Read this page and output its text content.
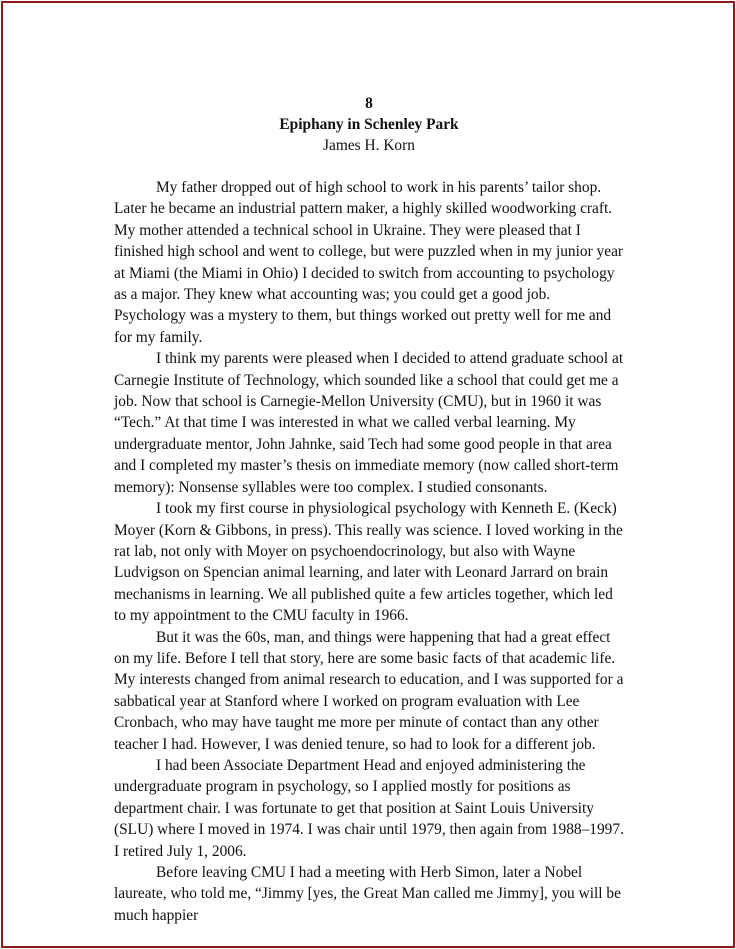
8

Epiphany in Schenley Park

James H. Korn

My father dropped out of high school to work in his parents’ tailor shop. Later he became an industrial pattern maker, a highly skilled woodworking craft. My mother attended a technical school in Ukraine. They were pleased that I finished high school and went to college, but were puzzled when in my junior year at Miami (the Miami in Ohio) I decided to switch from accounting to psychology as a major. They knew what accounting was; you could get a good job. Psychology was a mystery to them, but things worked out pretty well for me and for my family.

I think my parents were pleased when I decided to attend graduate school at Carnegie Institute of Technology, which sounded like a school that could get me a job. Now that school is Carnegie-Mellon University (CMU), but in 1960 it was “Tech.” At that time I was interested in what we called verbal learning. My undergraduate mentor, John Jahnke, said Tech had some good people in that area and I completed my master’s thesis on immediate memory (now called short-term memory): Nonsense syllables were too complex. I studied consonants.

I took my first course in physiological psychology with Kenneth E. (Keck) Moyer (Korn & Gibbons, in press). This really was science. I loved working in the rat lab, not only with Moyer on psychoendocrinology, but also with Wayne Ludvigson on Spencian animal learning, and later with Leonard Jarrard on brain mechanisms in learning. We all published quite a few articles together, which led to my appointment to the CMU faculty in 1966.

But it was the 60s, man, and things were happening that had a great effect on my life. Before I tell that story, here are some basic facts of that academic life. My interests changed from animal research to education, and I was supported for a sabbatical year at Stanford where I worked on program evaluation with Lee Cronbach, who may have taught me more per minute of contact than any other teacher I had. However, I was denied tenure, so had to look for a different job.

I had been Associate Department Head and enjoyed administering the undergraduate program in psychology, so I applied mostly for positions as department chair. I was fortunate to get that position at Saint Louis University (SLU) where I moved in 1974. I was chair until 1979, then again from 1988–1997. I retired July 1, 2006.

Before leaving CMU I had a meeting with Herb Simon, later a Nobel laureate, who told me, “Jimmy [yes, the Great Man called me Jimmy], you will be much happier
